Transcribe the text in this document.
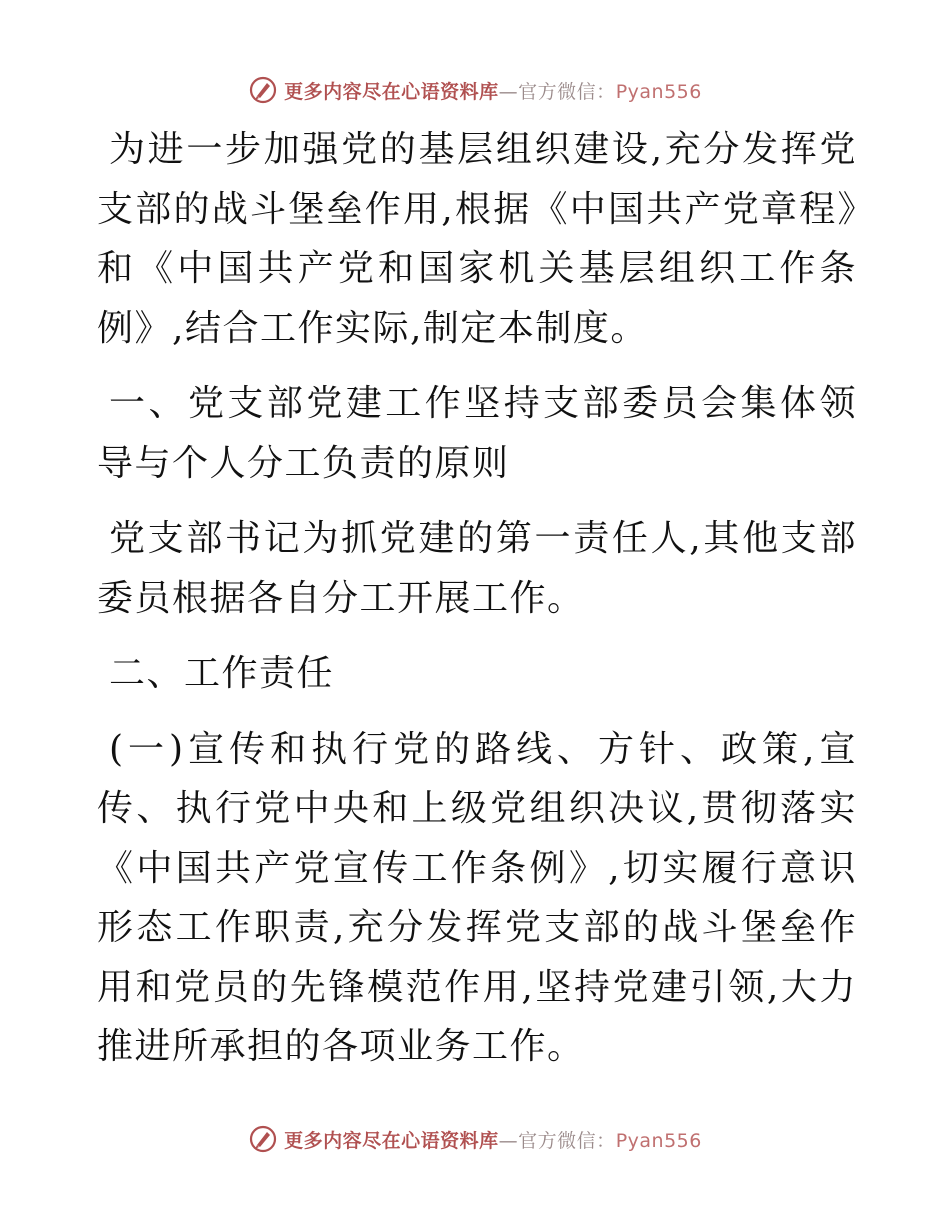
更多内容尽在心语资料库—官方微信：Pyan556

为进一步加强党的基层组织建设,充分发挥党支部的战斗堡垒作用,根据《中国共产党章程》和《中国共产党和国家机关基层组织工作条例》,结合工作实际,制定本制度。

一、党支部党建工作坚持支部委员会集体领导与个人分工负责的原则

党支部书记为抓党建的第一责任人,其他支部委员根据各自分工开展工作。

二、工作责任

(一)宣传和执行党的路线、方针、政策,宣传、执行党中央和上级党组织决议,贯彻落实《中国共产党宣传工作条例》,切实履行意识形态工作职责,充分发挥党支部的战斗堡垒作用和党员的先锋模范作用,坚持党建引领,大力推进所承担的各项业务工作。

更多内容尽在心语资料库—官方微信：Pyan556
